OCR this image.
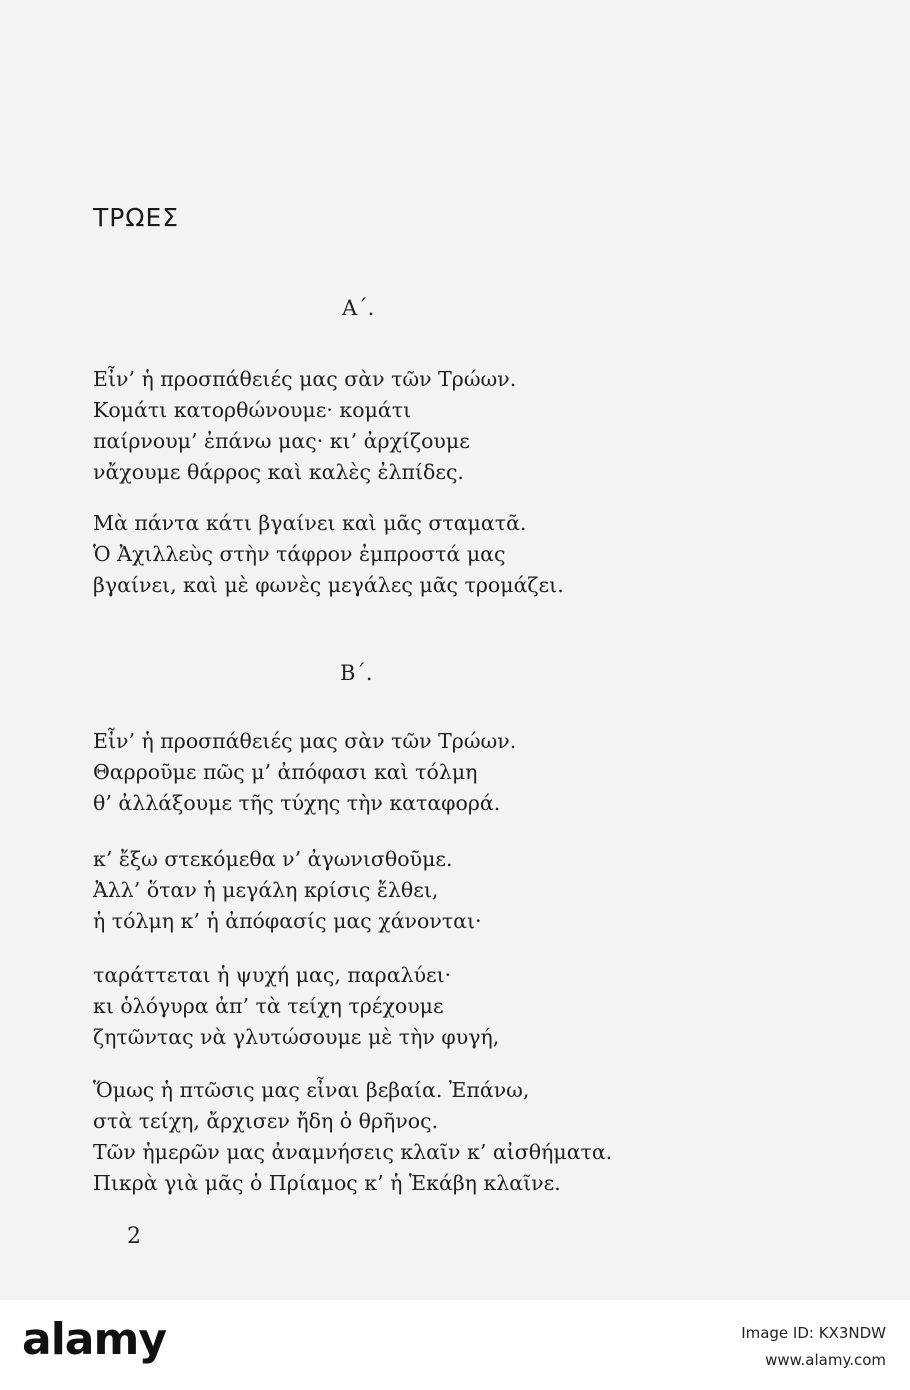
ΤΡΩΕΣ
Α΄.
Εἶν’ ἡ προσπάθειές μας σὰν τῶν Τρώων.
Κομάτι κατορθώνουμε· κομάτι
παίρνουμ’ ἐπάνω μας· κι’ ἀρχίζουμε
νἄχουμε θάρρος καὶ καλὲς ἐλπίδες.
Μὰ πάντα κάτι βγαίνει καὶ μᾶς σταματᾶ.
Ὁ Ἀχιλλεὺς στὴν τάφρον ἐμπροστά μας
βγαίνει, καὶ μὲ φωνὲς μεγάλες μᾶς τρομάζει.
Β΄.
Εἶν’ ἡ προσπάθειές μας σὰν τῶν Τρώων.
Θαρροῦμε πῶς μ’ ἀπόφασι καὶ τόλμη
θ’ ἀλλάξουμε τῆς τύχης τὴν καταφορά.
κ’ ἔξω στεκόμεθα ν’ ἀγωνισθοῦμε.
Ἀλλ’ ὅταν ἡ μεγάλη κρίσις ἔλθει,
ἡ τόλμη κ’ ἡ ἀπόφασίς μας χάνονται·
ταράττεται ἡ ψυχή μας, παραλύει·
κι ὁλόγυρα ἀπ’ τὰ τείχη τρέχουμε
ζητῶντας νὰ γλυτώσουμε μὲ τὴν φυγή,
Ὅμως ἡ πτῶσις μας εἶναι βεβαία. Ἐπάνω,
στὰ τείχη, ἄρχισεν ἤδη ὁ θρῆνος.
Τῶν ἡμερῶν μας ἀναμνήσεις κλαῖν κ’ αἰσθήματα.
Πικρὰ γιὰ μᾶς ὁ Πρίαμος κ’ ἡ Ἑκάβη κλαῖνε.
2
alamy	Image ID: KX3NDW
www.alamy.com
